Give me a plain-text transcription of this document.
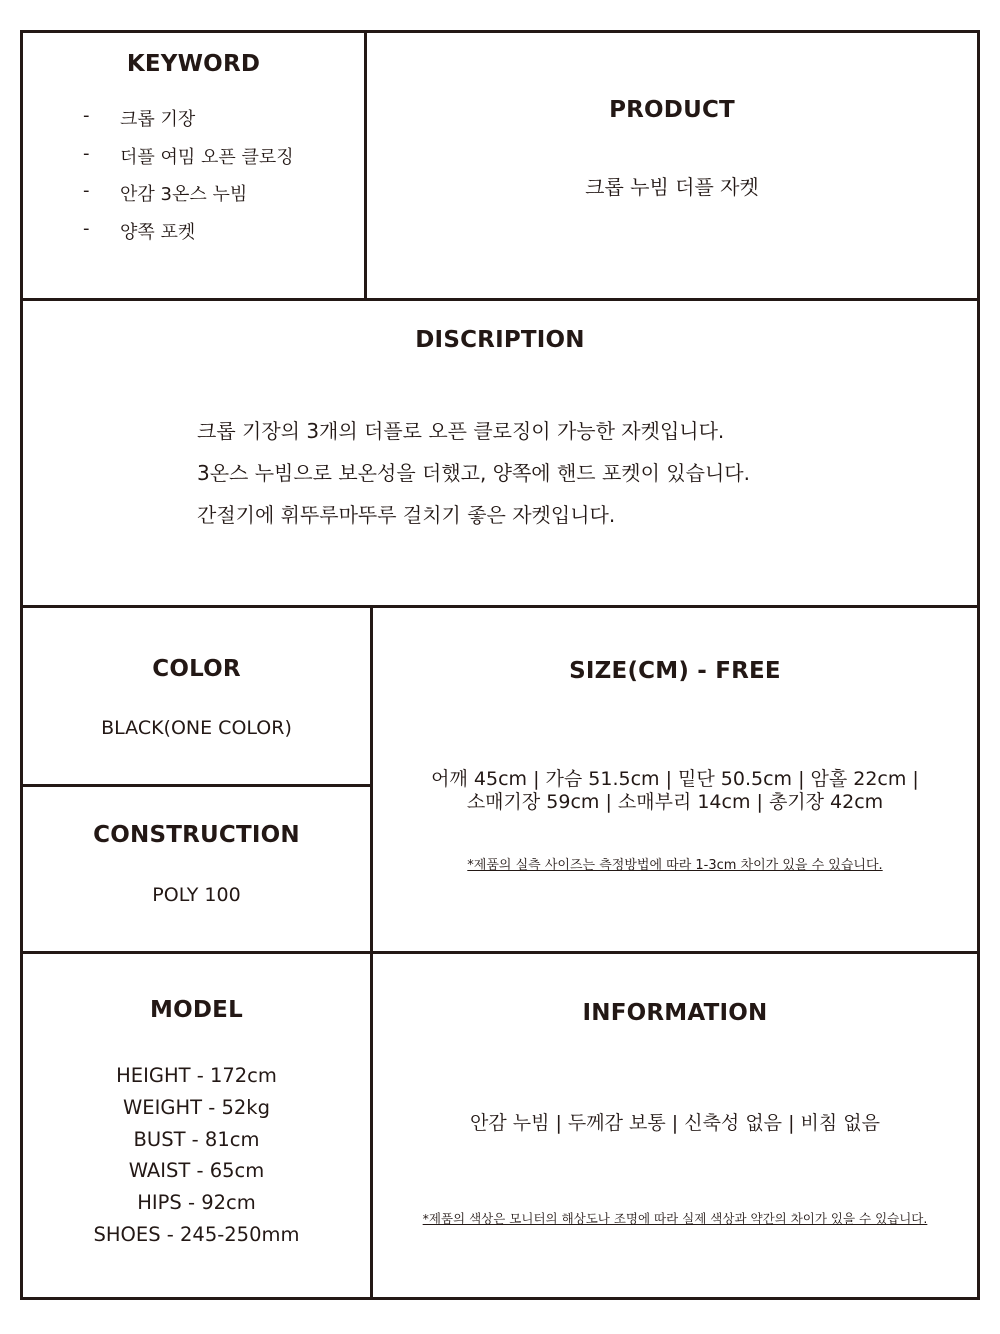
KEYWORD
-	크롭 기장
-	더플 여밈 오픈 클로징
-	안감 3온스 누빔
-	양쪽 포켓
PRODUCT
크롭 누빔 더플 자켓
DISCRIPTION
크롭 기장의 3개의 더플로 오픈 클로징이 가능한 자켓입니다.
3온스 누빔으로 보온성을 더했고, 양쪽에 핸드 포켓이 있습니다.
간절기에 휘뚜루마뚜루 걸치기 좋은 자켓입니다.
COLOR
BLACK(ONE COLOR)
CONSTRUCTION
POLY 100
SIZE(CM) - FREE
어깨 45cm | 가슴 51.5cm | 밑단 50.5cm | 암홀 22cm |
소매기장 59cm | 소매부리 14cm | 총기장 42cm
*제품의 실측 사이즈는 측정방법에 따라 1-3cm 차이가 있을 수 있습니다.
MODEL
HEIGHT - 172cm
WEIGHT - 52kg
BUST - 81cm
WAIST - 65cm
HIPS - 92cm
SHOES - 245-250mm
INFORMATION
안감 누빔 | 두께감 보통 | 신축성 없음 | 비침 없음
*제품의 색상은 모니터의 해상도나 조명에 따라 실제 색상과 약간의 차이가 있을 수 있습니다.
